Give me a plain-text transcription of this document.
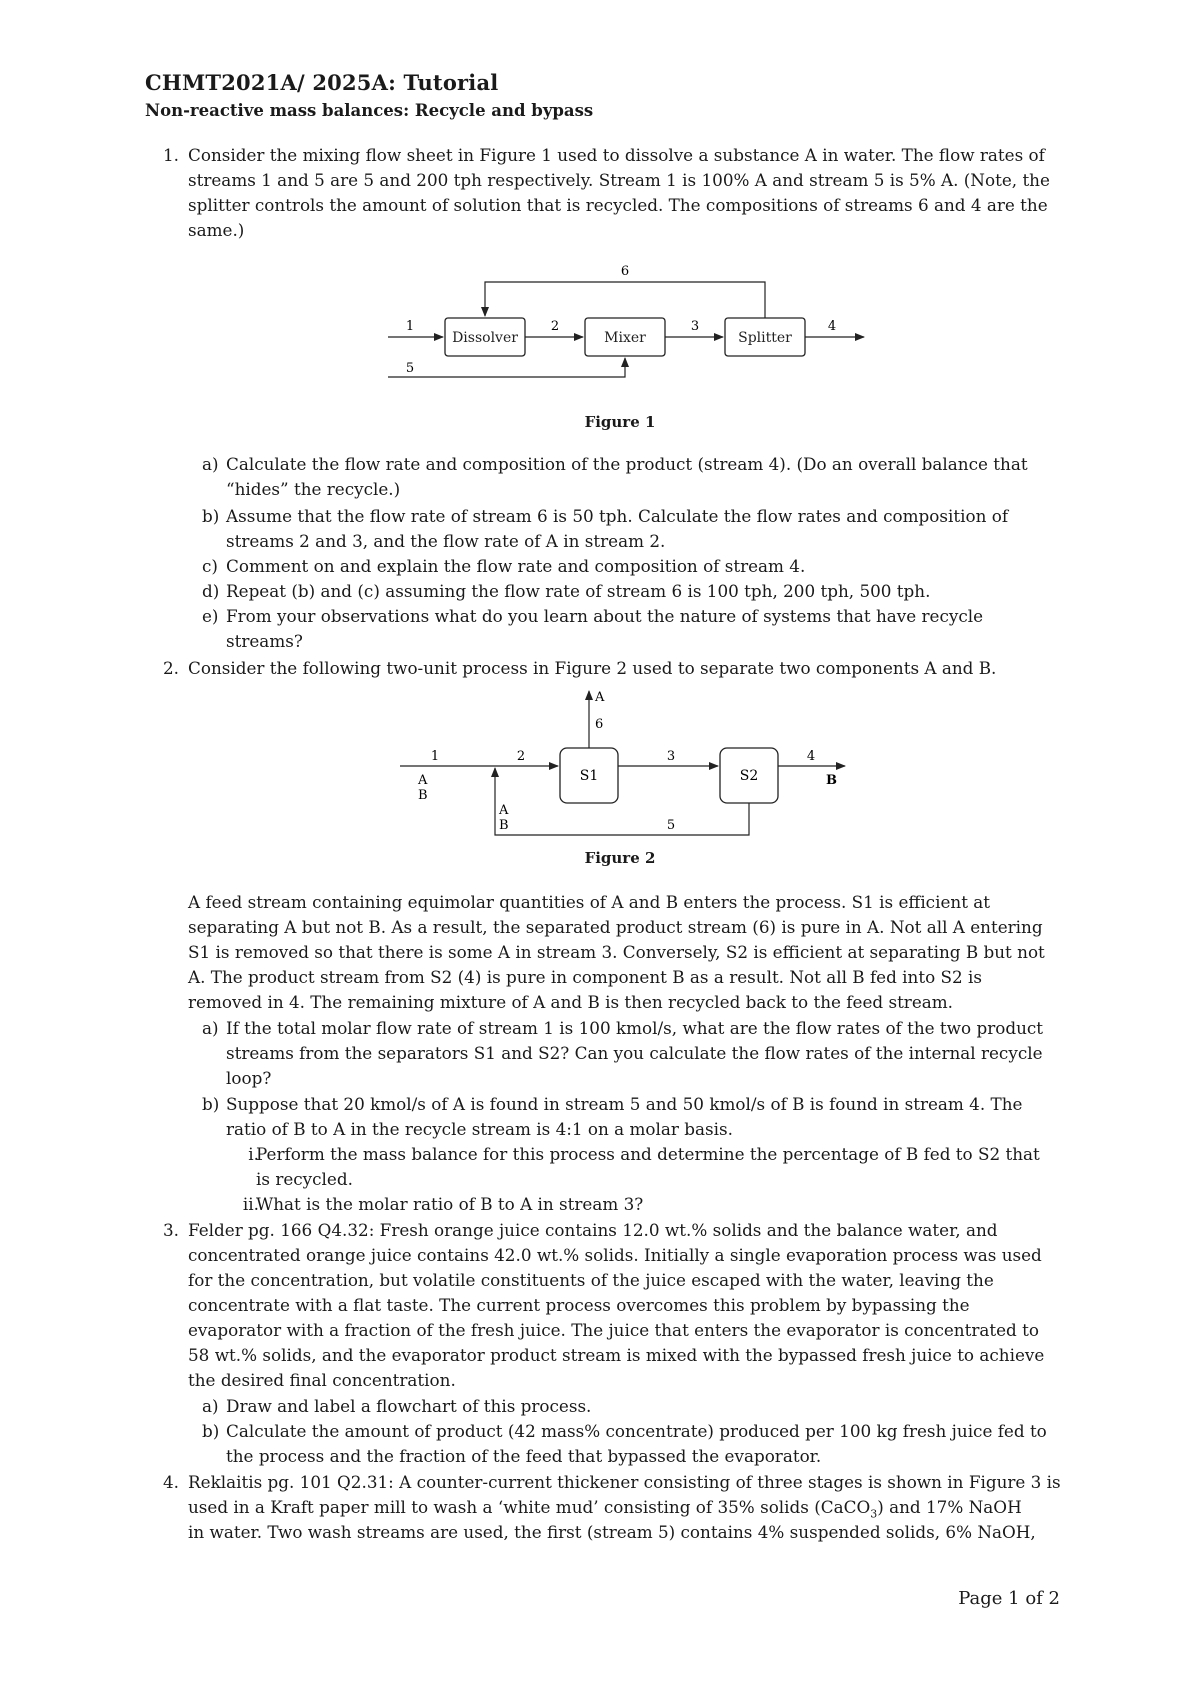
CHMT2021A/ 2025A: Tutorial
Non-reactive mass balances: Recycle and bypass
1. Consider the mixing flow sheet in Figure 1 used to dissolve a substance A in water. The flow rates of
streams 1 and 5 are 5 and 200 tph respectively. Stream 1 is 100% A and stream 5 is 5% A. (Note, the
splitter controls the amount of solution that is recycled. The compositions of streams 6 and 4 are the
same.)
Dissolver	Mixer	Splitter
1	2	3	4
6
5
Figure 1
a) Calculate the flow rate and composition of the product (stream 4). (Do an overall balance that
“hides” the recycle.)
b) Assume that the flow rate of stream 6 is 50 tph. Calculate the flow rates and composition of
streams 2 and 3, and the flow rate of A in stream 2.
c) Comment on and explain the flow rate and composition of stream 4.
d) Repeat (b) and (c) assuming the flow rate of stream 6 is 100 tph, 200 tph, 500 tph.
e) From your observations what do you learn about the nature of systems that have recycle
streams?
2. Consider the following two-unit process in Figure 2 used to separate two components A and B.
S1	S2
1	2
A
B
3	4
B
A
6
5
A
B
Figure 2
A feed stream containing equimolar quantities of A and B enters the process. S1 is efficient at
separating A but not B. As a result, the separated product stream (6) is pure in A. Not all A entering
S1 is removed so that there is some A in stream 3. Conversely, S2 is efficient at separating B but not
A. The product stream from S2 (4) is pure in component B as a result. Not all B fed into S2 is
removed in 4. The remaining mixture of A and B is then recycled back to the feed stream.
a) If the total molar flow rate of stream 1 is 100 kmol/s, what are the flow rates of the two product
streams from the separators S1 and S2? Can you calculate the flow rates of the internal recycle
loop?
b) Suppose that 20 kmol/s of A is found in stream 5 and 50 kmol/s of B is found in stream 4. The
ratio of B to A in the recycle stream is 4:1 on a molar basis.
i.
Perform the mass balance for this process and determine the percentage of B fed to S2 that
is recycled.
ii.
What is the molar ratio of B to A in stream 3?
3. Felder pg. 166 Q4.32: Fresh orange juice contains 12.0 wt.% solids and the balance water, and
concentrated orange juice contains 42.0 wt.% solids. Initially a single evaporation process was used
for the concentration, but volatile constituents of the juice escaped with the water, leaving the
concentrate with a flat taste. The current process overcomes this problem by bypassing the
evaporator with a fraction of the fresh juice. The juice that enters the evaporator is concentrated to
58 wt.% solids, and the evaporator product stream is mixed with the bypassed fresh juice to achieve
the desired final concentration.
a) Draw and label a flowchart of this process.
b) Calculate the amount of product (42 mass% concentrate) produced per 100 kg fresh juice fed to
the process and the fraction of the feed that bypassed the evaporator.
4. Reklaitis pg. 101 Q2.31: A counter-current thickener consisting of three stages is shown in Figure 3 is
used in a Kraft paper mill to wash a ‘white mud’ consisting of 35% solids (CaCO$_3$) and 17% NaOH
in water. Two wash streams are used, the first (stream 5) contains 4% suspended solids, 6% NaOH,
Page 1 of 2
